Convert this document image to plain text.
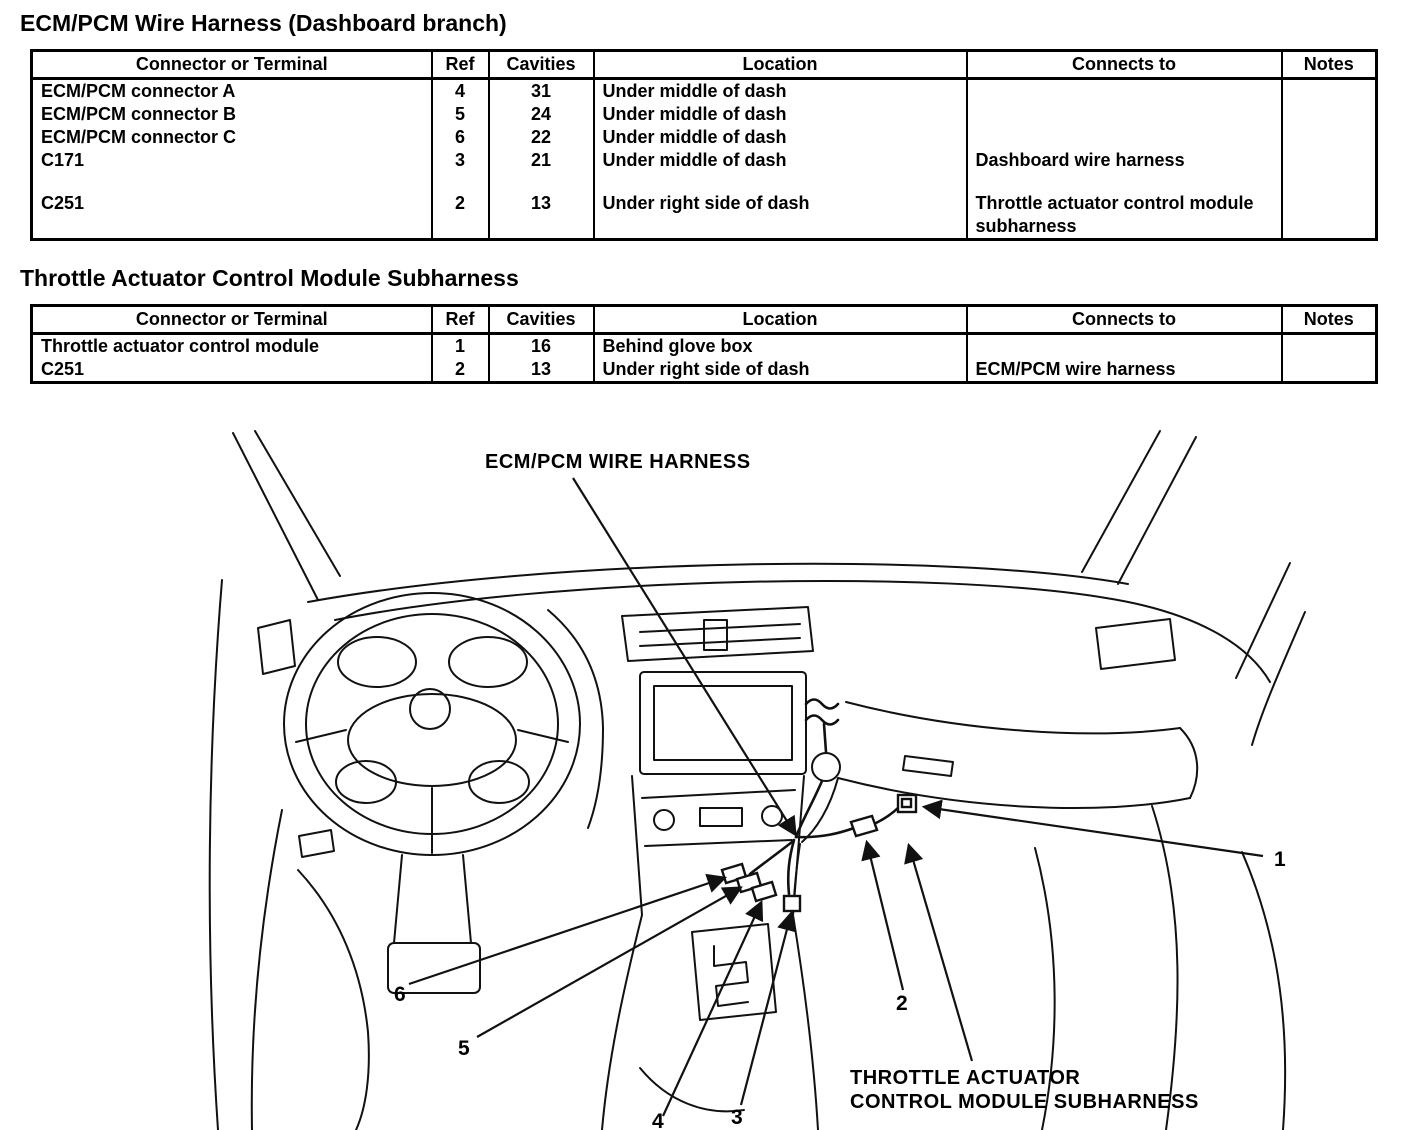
ECM/PCM Wire Harness (Dashboard branch)
Connector or Terminal	Ref	Cavities	Location	Connects to	Notes
ECM/PCM connector A	4	31	Under middle of dash		
ECM/PCM connector B	5	24	Under middle of dash		
ECM/PCM connector C	6	22	Under middle of dash		
C171	3	21	Under middle of dash	Dashboard wire harness	

C251	2	13	Under right side of dash	Throttle actuator control module subharness	
Throttle Actuator Control Module Subharness
Connector or Terminal	Ref	Cavities	Location	Connects to	Notes
Throttle actuator control module	1	16	Behind glove box		
C251	2	13	Under right side of dash	ECM/PCM wire harness	
ECM/PCM WIRE HARNESS
THROTTLE ACTUATOR
CONTROL MODULE SUBHARNESS
1
2
3
4
5
6
